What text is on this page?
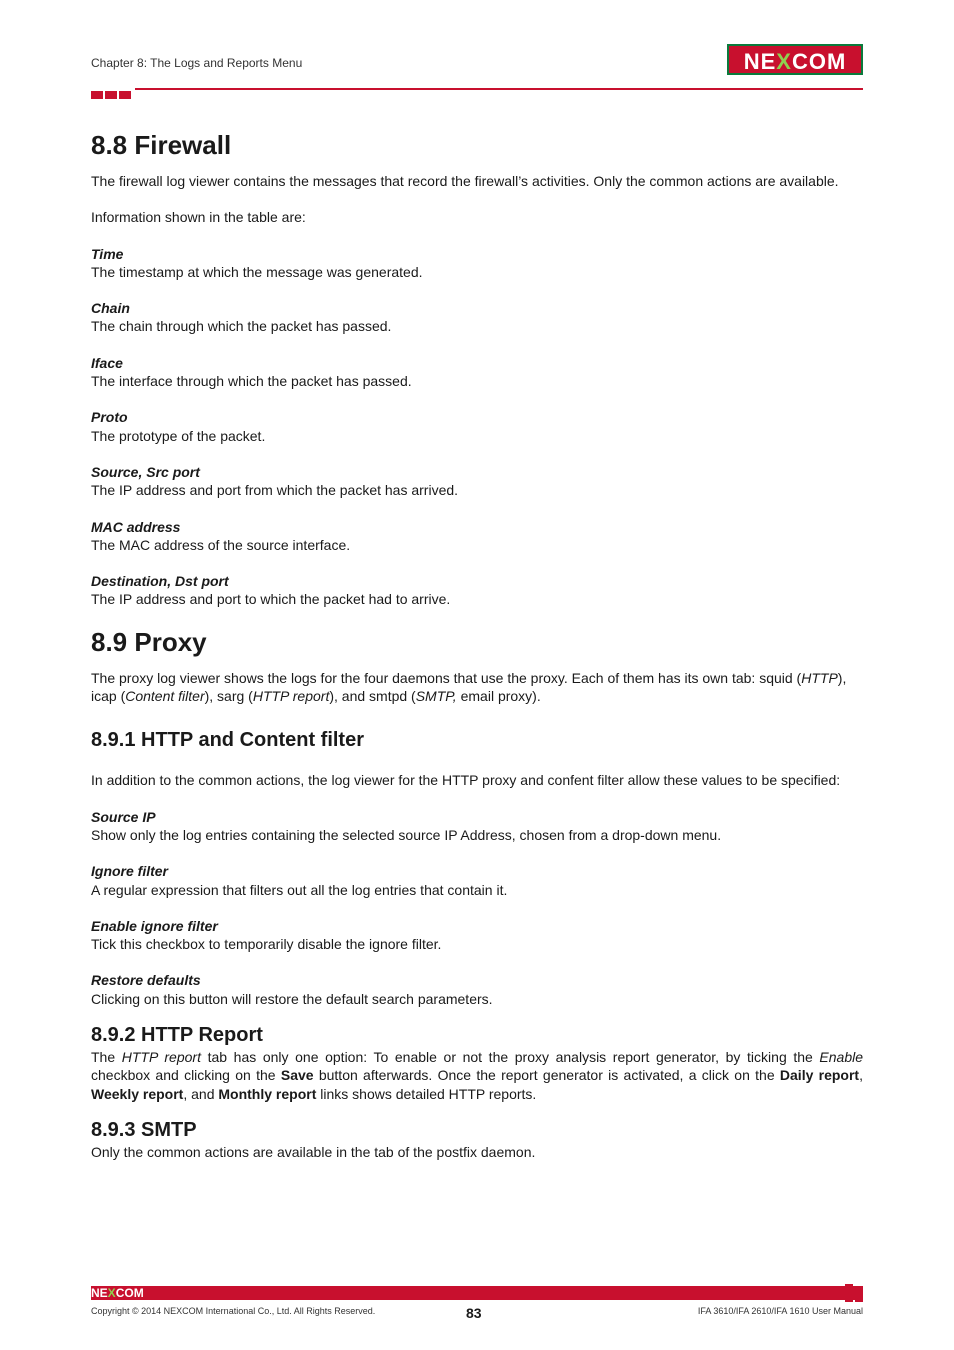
Chapter 8: The Logs and Reports Menu	NEXCOM
8.8 Firewall

The firewall log viewer contains the messages that record the firewall’s activities. Only the common actions are available.

Information shown in the table are:

Time

The timestamp at which the message was generated.

Chain

The chain through which the packet has passed.

Iface

The interface through which the packet has passed.

Proto

The prototype of the packet.

Source, Src port

The IP address and port from which the packet has arrived.

MAC address

The MAC address of the source interface.

Destination, Dst port

The IP address and port to which the packet had to arrive.

8.9 Proxy

The proxy log viewer shows the logs for the four daemons that use the proxy. Each of them has its own tab: squid (HTTP), icap (Content filter), sarg (HTTP report), and smtpd (SMTP, email proxy).

8.9.1 HTTP and Content filter

In addition to the common actions, the log viewer for the HTTP proxy and confent filter allow these values to be specified:

Source IP

Show only the log entries containing the selected source IP Address, chosen from a drop-down menu.

Ignore filter

A regular expression that filters out all the log entries that contain it.

Enable ignore filter

Tick this checkbox to temporarily disable the ignore filter.

Restore defaults

Clicking on this button will restore the default search parameters.

8.9.2 HTTP Report

The HTTP report tab has only one option: To enable or not the proxy analysis report generator, by ticking the Enable checkbox and clicking on the Save button afterwards. Once the report generator is activated, a click on the Daily report, Weekly report, and Monthly report links shows detailed HTTP reports.

8.9.3 SMTP

Only the common actions are available in the tab of the postfix daemon.

NEXCOM
Copyright © 2014 NEXCOM International Co., Ltd. All Rights Reserved.	83	IFA 3610/IFA 2610/IFA 1610 User Manual
